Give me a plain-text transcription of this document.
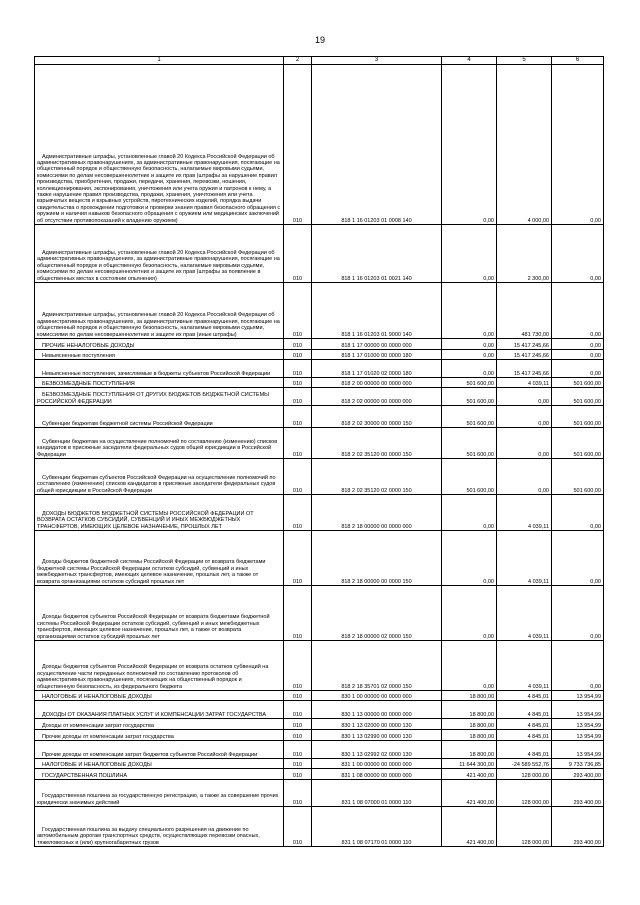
19
1	2	3	4	5	6

Административные штрафы, установленные главой 20 Кодекса Российской Федерации об административных правонарушениях, за административные правонарушения, посягающие на общественный порядок и общественную безопасность, налагаемые мировыми судьями, комиссиями по делам несовершеннолетних и защите их прав (штрафы за нарушение правил производства, приобретения, продажи, передачи, хранения, перевозки, ношения, коллекционирования, экспонирования, уничтожения или учета оружия и патронов к нему, а также нарушение правил производства, продажи, хранения, уничтожения или учета взрывчатых веществ и взрывных устройств, пиротехнических изделий, порядка выдачи свидетельства о прохождении подготовки и проверки знания правил безопасного обращения с оружием и наличия навыков безопасного обращения с оружием или медицинских заключений об отсутствии противопоказаний к владению оружием)	010	818 1 16 01203 01 0008 140	0,00	4 000,00	0,00

Административные штрафы, установленные главой 20 Кодекса Российской Федерации об административных правонарушениях, за административные правонарушения, посягающие на общественный порядок и общественную безопасность, налагаемые мировыми судьями, комиссиями по делам несовершеннолетних и защите их прав (штрафы за появление в общественных местах в состоянии опьянения)	010	818 1 16 01203 01 0021 140	0,00	2 300,00	0,00

Административные штрафы, установленные главой 20 Кодекса Российской Федерации об административных правонарушениях, за административные правонарушения, посягающие на общественный порядок и общественную безопасность, налагаемые мировыми судьями, комиссиями по делам несовершеннолетних и защите их прав (иные штрафы)	010	818 1 16 01203 01 9000 140	0,00	481 730,00	0,00

ПРОЧИЕ НЕНАЛОГОВЫЕ ДОХОДЫ	010	818 1 17 00000 00 0000 000	0,00	15 417 245,66	0,00

Невыясненные поступления	010	818 1 17 01000 00 0000 180	0,00	15 417 245,66	0,00

Невыясненные поступления, зачисляемые в бюджеты субъектов Российской Федерации	010	818 1 17 01020 02 0000 180	0,00	15 417 245,66	0,00

БЕЗВОЗМЕЗДНЫЕ ПОСТУПЛЕНИЯ	010	818 2 00 00000 00 0000 000	501 600,00	4 039,11	501 600,00

БЕЗВОЗМЕЗДНЫЕ ПОСТУПЛЕНИЯ ОТ ДРУГИХ БЮДЖЕТОВ БЮДЖЕТНОЙ СИСТЕМЫ РОССИЙСКОЙ ФЕДЕРАЦИИ	010	818 2 02 00000 00 0000 000	501 600,00	0,00	501 600,00

Субвенции бюджетам бюджетной системы Российской Федерации	010	818 2 02 30000 00 0000 150	501 600,00	0,00	501 600,00

Субвенции бюджетам на осуществление полномочий по составлению (изменению) списков кандидатов в присяжные заседатели федеральных судов общей юрисдикции в Российской Федерации	010	818 2 02 35120 00 0000 150	501 600,00	0,00	501 600,00

Субвенции бюджетам субъектов Российской Федерации на осуществление полномочий по составлению (изменению) списков кандидатов в присяжные заседатели федеральных судов общей юрисдикции в Российской Федерации	010	818 2 02 35120 02 0000 150	501 600,00	0,00	501 600,00

ДОХОДЫ БЮДЖЕТОВ БЮДЖЕТНОЙ СИСТЕМЫ РОССИЙСКОЙ ФЕДЕРАЦИИ ОТ ВОЗВРАТА ОСТАТКОВ СУБСИДИЙ, СУБВЕНЦИЙ И ИНЫХ МЕЖБЮДЖЕТНЫХ ТРАНСФЕРТОВ, ИМЕЮЩИХ ЦЕЛЕВОЕ НАЗНАЧЕНИЕ, ПРОШЛЫХ ЛЕТ	010	818 2 18 00000 00 0000 000	0,00	4 039,11	0,00

Доходы бюджетов бюджетной системы Российской Федерации от возврата бюджетами бюджетной системы Российской Федерации остатков субсидий, субвенций и иных межбюджетных трансфертов, имеющих целевое назначение, прошлых лет, а также от возврата организациями остатков субсидий прошлых лет	010	818 2 18 00000 00 0000 150	0,00	4 039,11	0,00

Доходы бюджетов субъектов Российской Федерации от возврата бюджетами бюджетной системы Российской Федерации остатков субсидий, субвенций и иных межбюджетных трансфертов, имеющих целевое назначение, прошлых лет, а также от возврата организациями остатков субсидий прошлых лет	010	818 2 18 00000 02 0000 150	0,00	4 039,11	0,00

Доходы бюджетов субъектов Российской Федерации от возврата остатков субвенций на осуществление части переданных полномочий по составлению протоколов об административных правонарушениях, посягающих на общественный порядок и общественную безопасность, из федерального бюджета	010	818 2 18 35701 02 0000 150	0,00	4 039,11	0,00

НАЛОГОВЫЕ И НЕНАЛОГОВЫЕ ДОХОДЫ	010	830 1 00 00000 00 0000 000	18 800,00	4 845,01	13 954,99

ДОХОДЫ ОТ ОКАЗАНИЯ ПЛАТНЫХ УСЛУГ И КОМПЕНСАЦИИ ЗАТРАТ ГОСУДАРСТВА	010	830 1 13 00000 00 0000 000	18 800,00	4 845,01	13 954,99

Доходы от компенсации затрат государства	010	830 1 13 02000 00 0000 130	18 800,00	4 845,01	13 954,99

Прочие доходы от компенсации затрат государства	010	830 1 13 02990 00 0000 130	18 800,00	4 845,01	13 954,99

Прочие доходы от компенсации затрат бюджетов субъектов Российской Федерации	010	830 1 13 02992 02 0000 130	18 800,00	4 845,01	13 954,99

НАЛОГОВЫЕ И НЕНАЛОГОВЫЕ ДОХОДЫ	010	831 1 00 00000 00 0000 000	11 644 300,00	-24 589 552,76	9 733 736,85

ГОСУДАРСТВЕННАЯ ПОШЛИНА	010	831 1 08 00000 00 0000 000	421 400,00	128 000,00	293 400,00

Государственная пошлина за государственную регистрацию, а также за совершение прочих юридически значимых действий	010	831 1 08 07000 01 0000 110	421 400,00	128 000,00	293 400,00

Государственная пошлина за выдачу специального разрешения на движение по автомобильным дорогам транспортных средств, осуществляющих перевозки опасных, тяжеловесных и (или) крупногабаритных грузов	010	831 1 08 07170 01 0000 110	421 400,00	128 000,00	293 400,00
